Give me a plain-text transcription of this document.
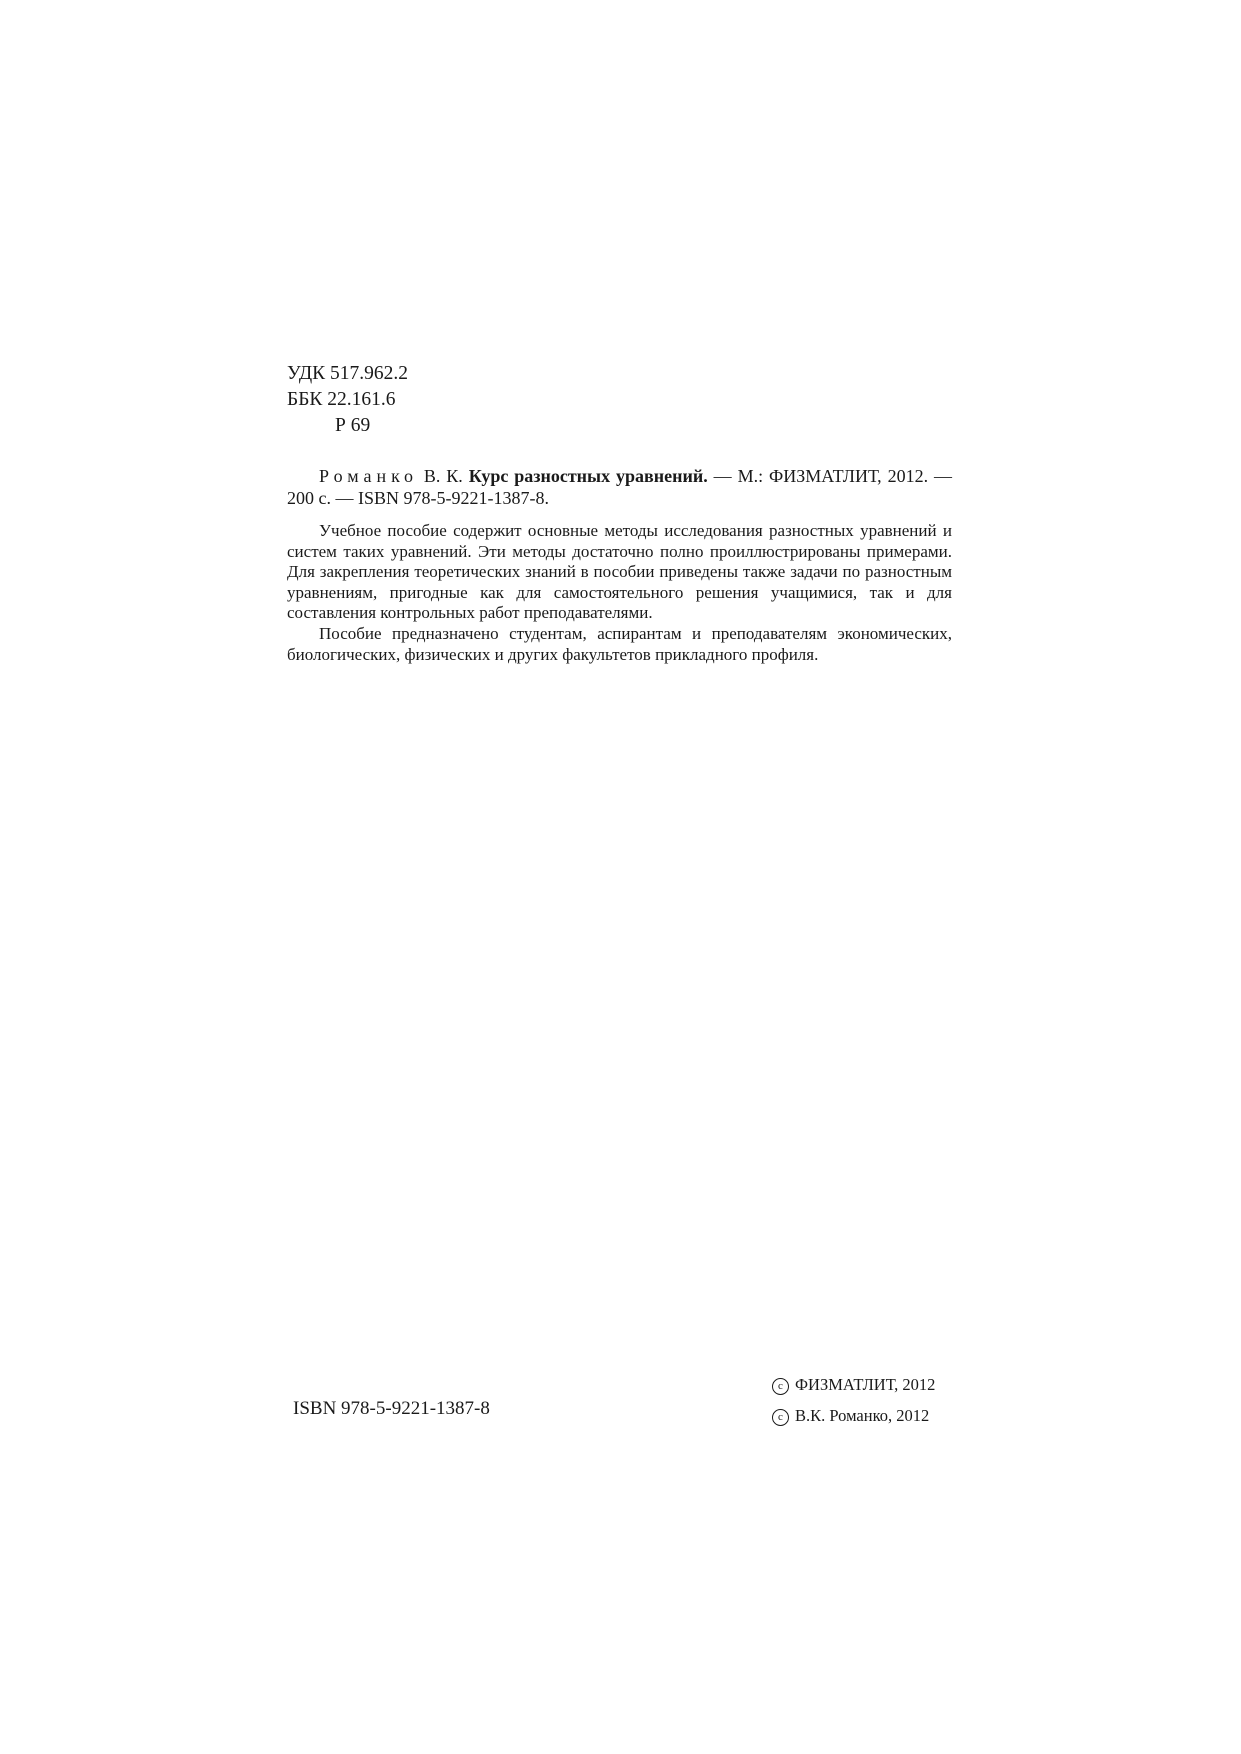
УДК 517.962.2
ББК 22.161.6
Р 69
Романко В. К. Курс разностных уравнений. — М.: ФИЗМАТЛИТ, 2012. — 200 с. — ISBN 978-5-9221-1387-8.

Учебное пособие содержит основные методы исследования разностных уравнений и систем таких уравнений. Эти методы достаточно полно проиллюстрированы примерами. Для закрепления теоретических знаний в пособии приведены также задачи по разностным уравнениям, пригодные как для самостоятельного решения учащимися, так и для составления контрольных работ преподавателями.

Пособие предназначено студентам, аспирантам и преподавателям экономических, биологических, физических и других факультетов прикладного профиля.

ISBN 978-5-9221-1387-8
c ФИЗМАТЛИТ, 2012
c В.К. Романко, 2012
